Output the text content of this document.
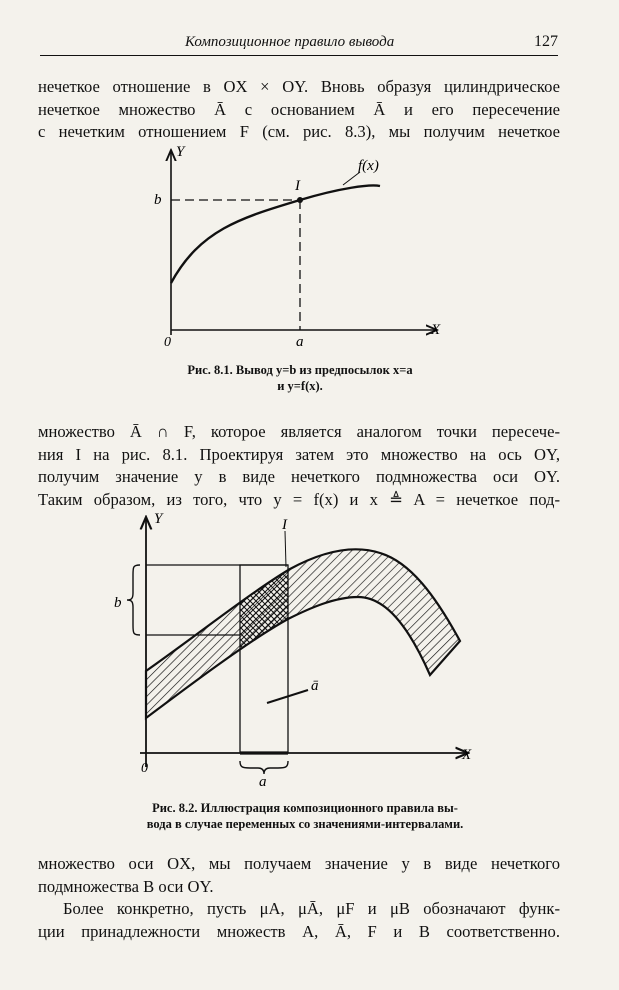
Композиционное правило вывода	127
нечеткое отношение в OX × OY. Вновь образуя цилиндрическое
нечеткое множество Ā с основанием Ā и его пересечение
с нечетким отношением F (см. рис. 8.3), мы получим нечеткое
Y
X
0
b
a
I
f(x)
Рис. 8.1. Вывод y=b из предпосылок x=a
и y=f(x).
множество Ā ∩ F, которое является аналогом точки пересече-
ния I на рис. 8.1. Проектируя затем это множество на ось OY,
получим значение y в виде нечеткого подмножества оси OY.
Таким образом, из того, что y = f(x) и x ≜ A = нечеткое под-
Y
X
0
b
a
ā
I
Рис. 8.2. Иллюстрация композиционного правила вы-
вода в случае переменных со значениями-интервалами.
множество оси OX, мы получаем значение y в виде нечеткого
подмножества B оси OY.
Более конкретно, пусть μA, μĀ, μF и μB обозначают функ-
ции принадлежности множеств A, Ā, F и B соответственно.
